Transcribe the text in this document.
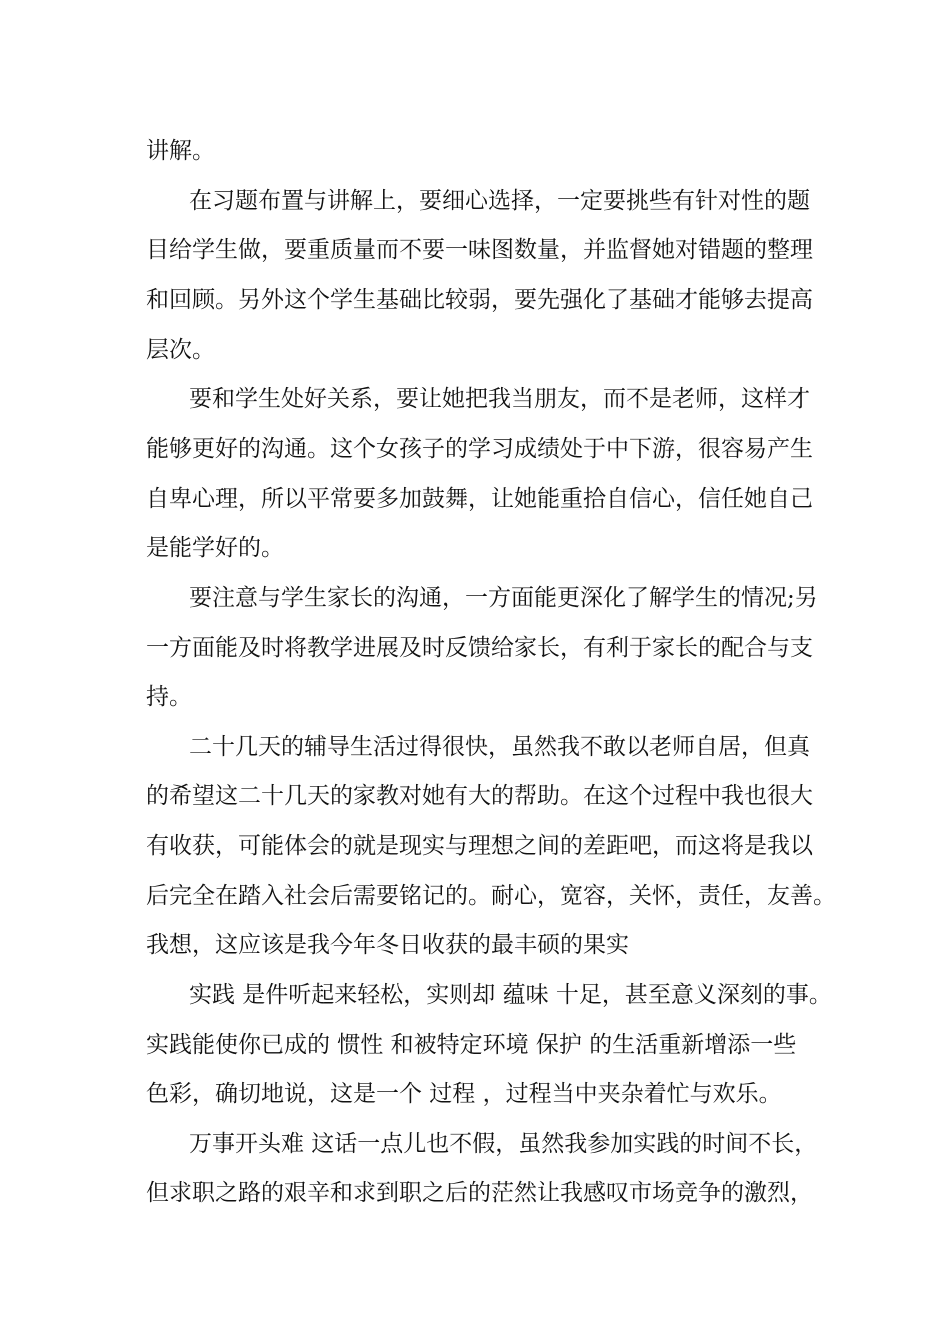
讲解。
在习题布置与讲解上，要细心选择，一定要挑些有针对性的题
目给学生做，要重质量而不要一味图数量，并监督她对错题的整理
和回顾。另外这个学生基础比较弱，要先强化了基础才能够去提高
层次。
要和学生处好关系，要让她把我当朋友，而不是老师，这样才
能够更好的沟通。这个女孩子的学习成绩处于中下游，很容易产生
自卑心理，所以平常要多加鼓舞，让她能重拾自信心，信任她自己
是能学好的。
要注意与学生家长的沟通，一方面能更深化了解学生的情况;另
一方面能及时将教学进展及时反馈给家长，有利于家长的配合与支
持。
二十几天的辅导生活过得很快，虽然我不敢以老师自居，但真
的希望这二十几天的家教对她有大的帮助。在这个过程中我也很大
有收获，可能体会的就是现实与理想之间的差距吧，而这将是我以
后完全在踏入社会后需要铭记的。耐心，宽容，关怀，责任，友善。
我想，这应该是我今年冬日收获的最丰硕的果实
实践 是件听起来轻松，实则却 蕴味 十足，甚至意义深刻的事。
实践能使你已成的 惯性 和被特定环境 保护 的生活重新增添一些
色彩，确切地说，这是一个 过程 ，过程当中夹杂着忙与欢乐。
万事开头难 这话一点儿也不假，虽然我参加实践的时间不长，
但求职之路的艰辛和求到职之后的茫然让我感叹市场竞争的激烈，
